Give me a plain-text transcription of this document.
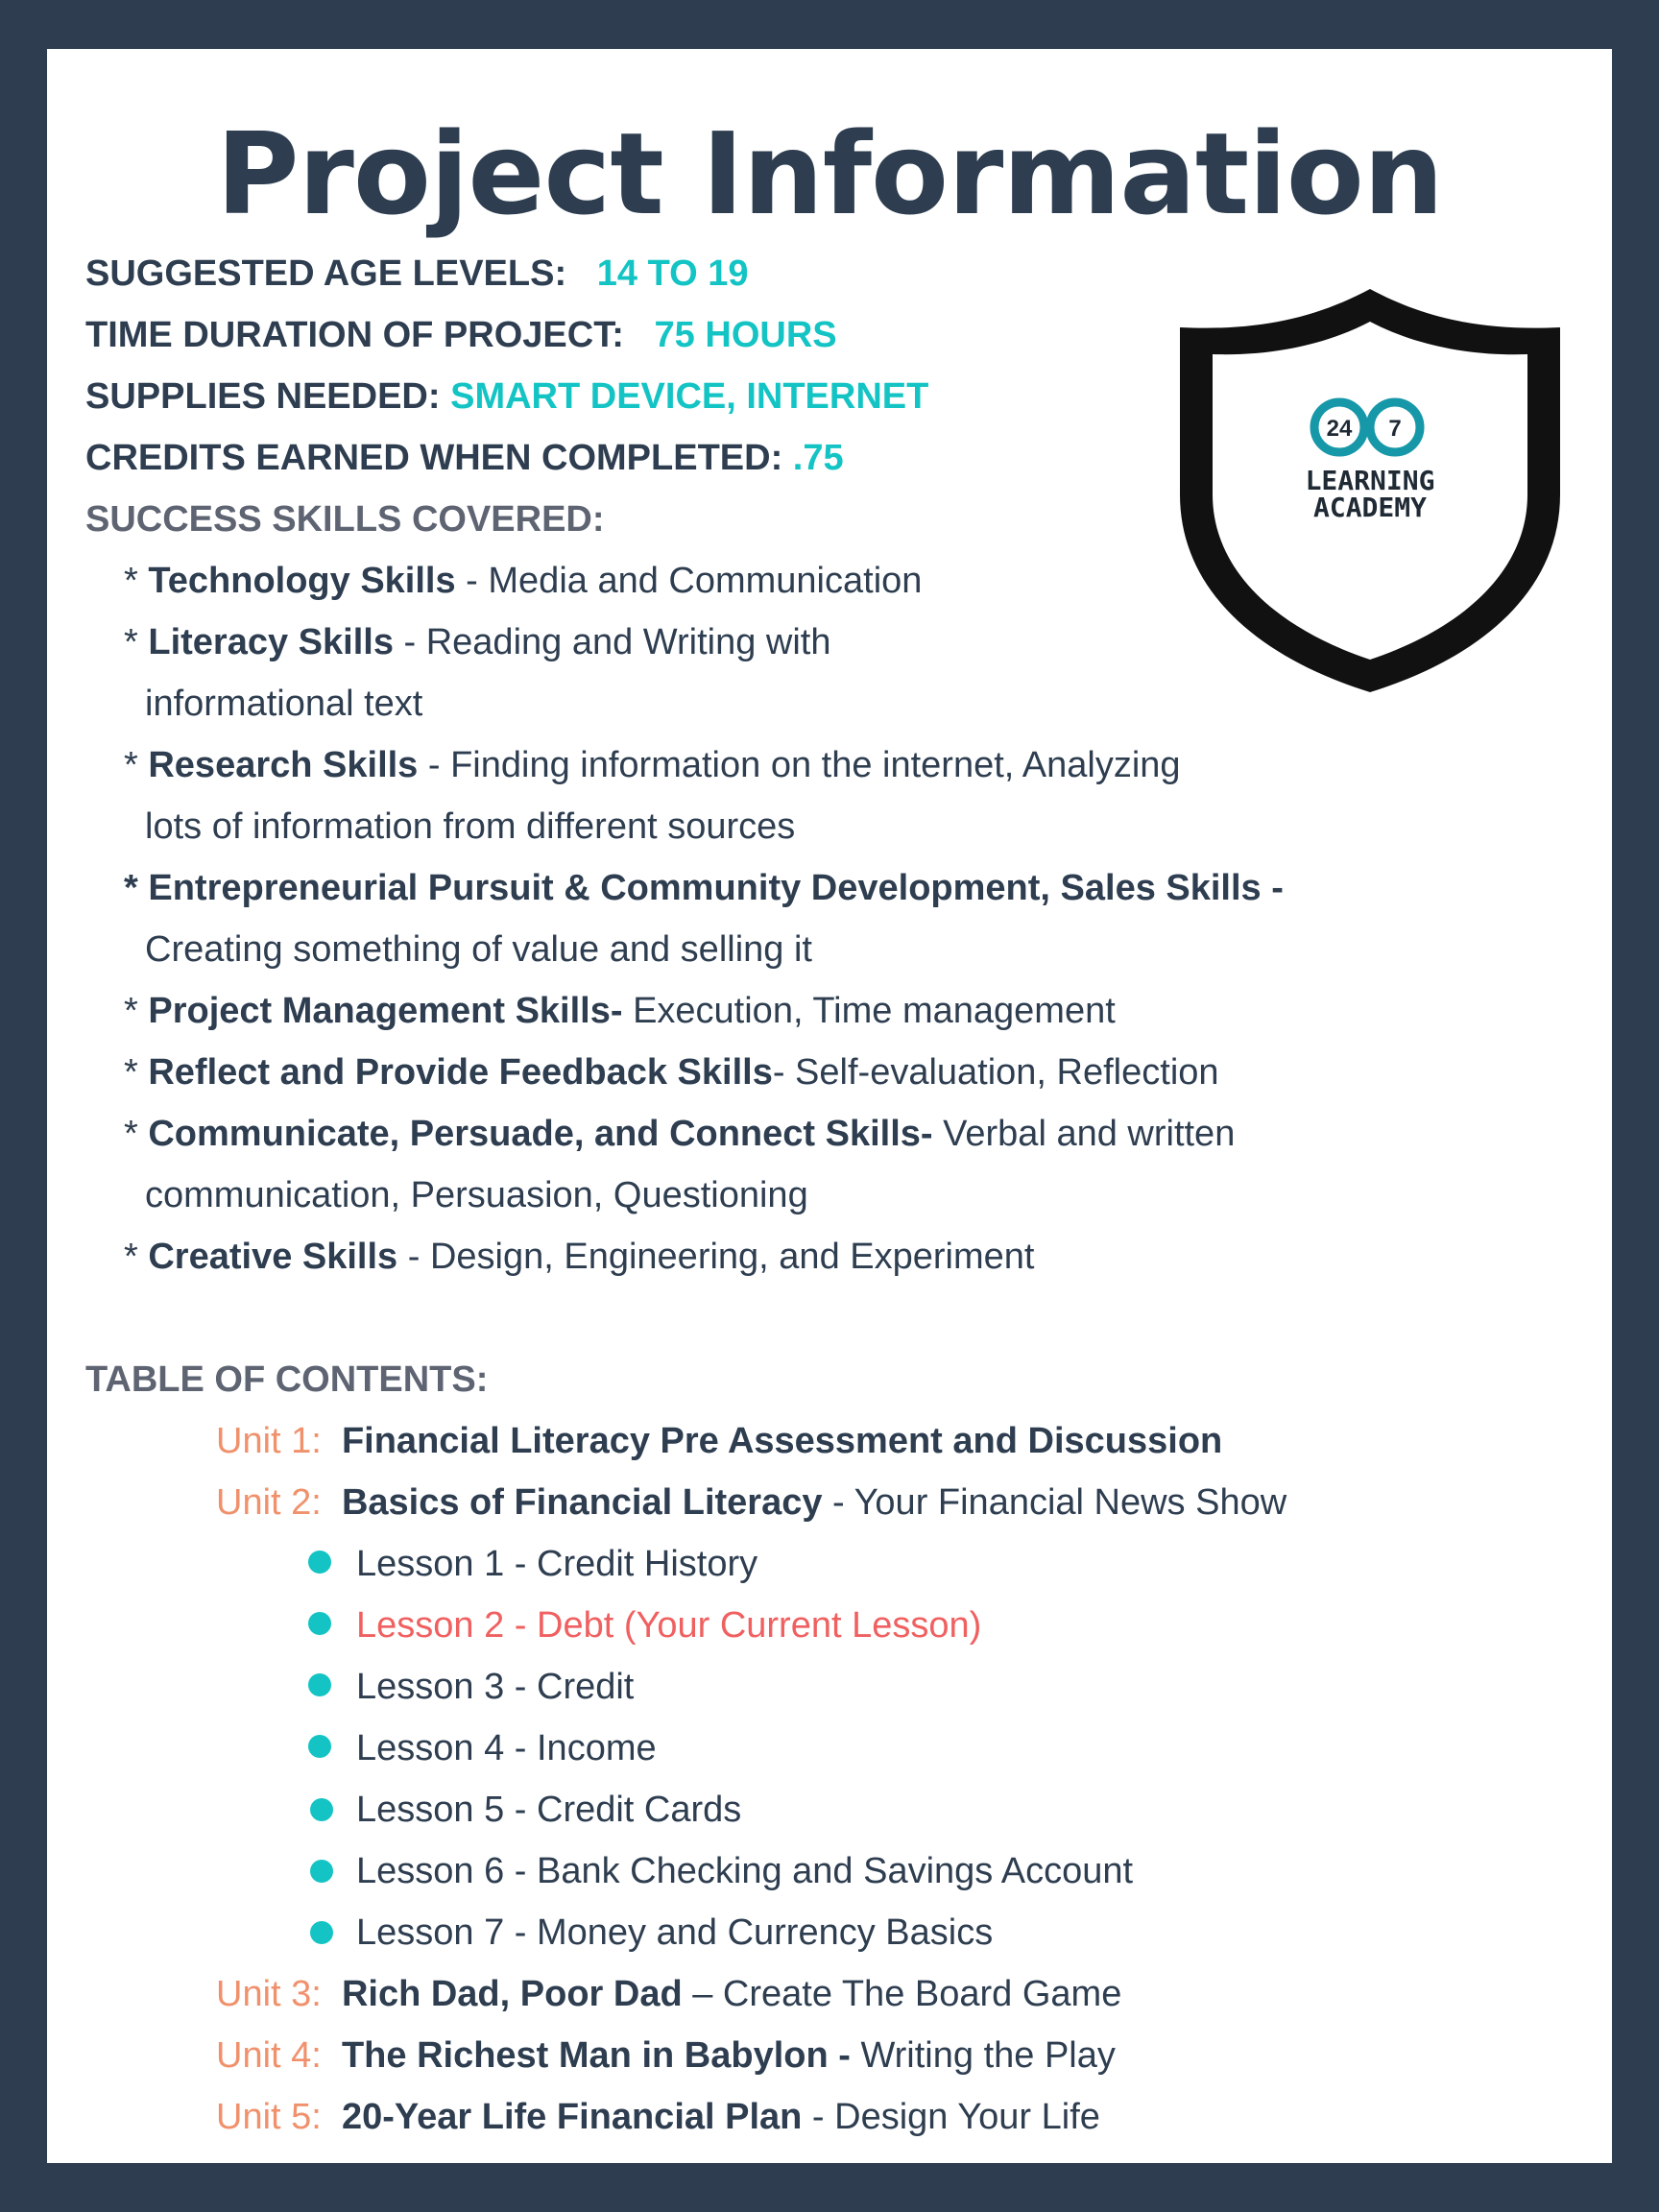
Project Information
SUGGESTED AGE LEVELS: 14 TO 19
TIME DURATION OF PROJECT: 75 HOURS
SUPPLIES NEEDED: SMART DEVICE, INTERNET
CREDITS EARNED WHEN COMPLETED: .75
SUCCESS SKILLS COVERED:
24 7
LEARNING
ACADEMY
* Technology Skills - Media and Communication
* Literacy Skills - Reading and Writing with
informational text
* Research Skills - Finding information on the internet, Analyzing
lots of information from different sources
* Entrepreneurial Pursuit & Community Development, Sales Skills -
Creating something of value and selling it
* Project Management Skills- Execution, Time management
* Reflect and Provide Feedback Skills- Self-evaluation, Reflection
* Communicate, Persuade, and Connect Skills- Verbal and written
communication, Persuasion, Questioning
* Creative Skills - Design, Engineering, and Experiment
TABLE OF CONTENTS:
Unit 1: Financial Literacy Pre Assessment and Discussion
Unit 2: Basics of Financial Literacy - Your Financial News Show
Lesson 1 - Credit History
Lesson 2 - Debt (Your Current Lesson)
Lesson 3 - Credit
Lesson 4 - Income
Lesson 5 - Credit Cards
Lesson 6 - Bank Checking and Savings Account
Lesson 7 - Money and Currency Basics
Unit 3: Rich Dad, Poor Dad – Create The Board Game
Unit 4: The Richest Man in Babylon - Writing the Play
Unit 5: 20-Year Life Financial Plan - Design Your Life
